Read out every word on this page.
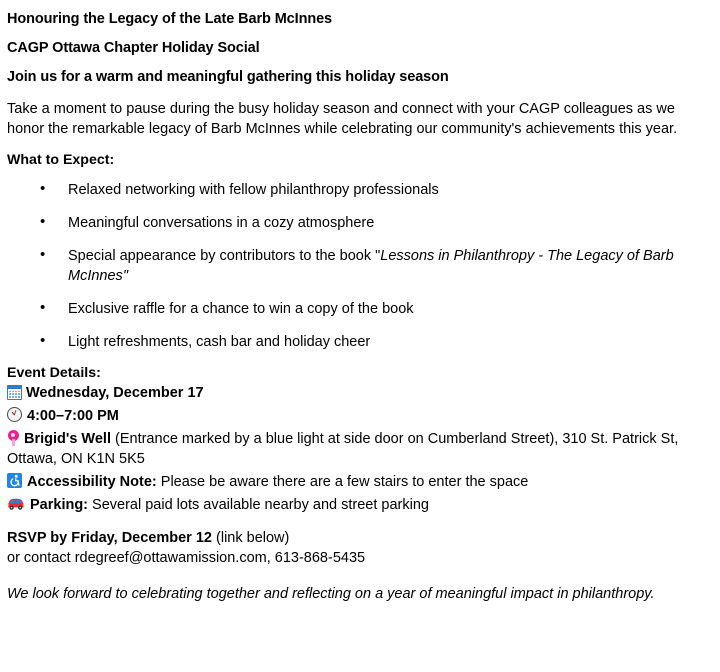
Honouring the Legacy of the Late Barb McInnes
CAGP Ottawa Chapter Holiday Social
Join us for a warm and meaningful gathering this holiday season

Take a moment to pause during the busy holiday season and connect with your CAGP colleagues as we honor the remarkable legacy of Barb McInnes while celebrating our community's achievements this year.

What to Expect:
• Relaxed networking with fellow philanthropy professionals
• Meaningful conversations in a cozy atmosphere
• Special appearance by contributors to the book "Lessons in Philanthropy - The Legacy of Barb McInnes"
• Exclusive raffle for a chance to win a copy of the book
• Light refreshments, cash bar and holiday cheer
Event Details:
Wednesday, December 17
4:00–7:00 PM
Brigid's Well (Entrance marked by a blue light at side door on Cumberland Street), 310 St. Patrick St, Ottawa, ON K1N 5K5
Accessibility Note: Please be aware there are a few stairs to enter the space
Parking: Several paid lots available nearby and street parking
RSVP by Friday, December 12 (link below)
or contact rdegreef@ottawamission.com, 613-868-5435
We look forward to celebrating together and reflecting on a year of meaningful impact in philanthropy.
